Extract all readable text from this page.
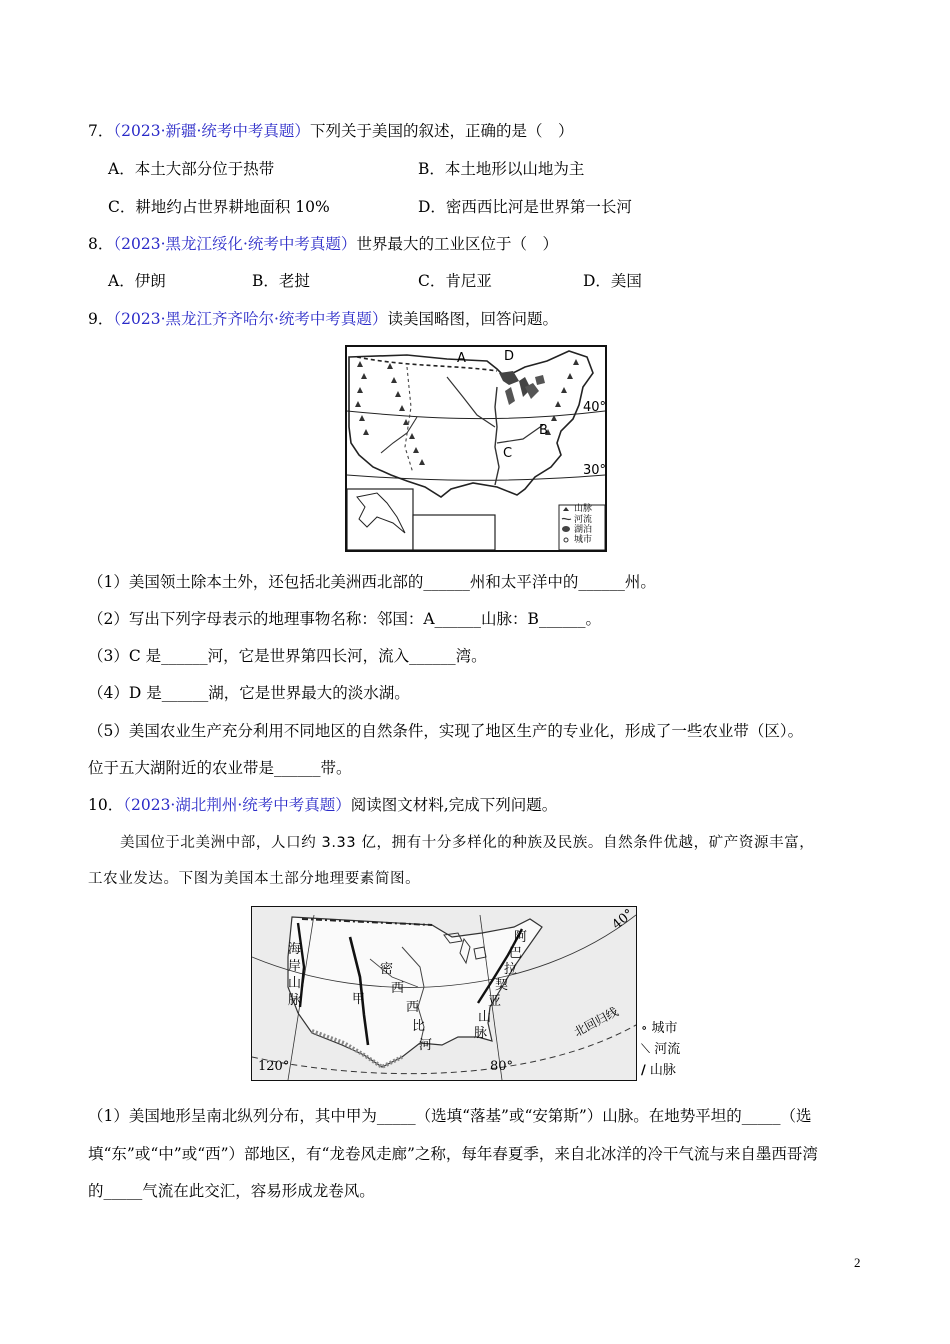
7．（2023·新疆·统考中考真题）下列关于美国的叙述，正确的是（　）
A．本土大部分位于热带	B．本土地形以山地为主
C．耕地约占世界耕地面积 10%	D．密西西比河是世界第一长河
8．（2023·黑龙江绥化·统考中考真题）世界最大的工业区位于（　）
A．伊朗	B．老挝	C．肯尼亚	D．美国
9．（2023·黑龙江齐齐哈尔·统考中考真题）读美国略图，回答问题。
A	D
B
C
40°
30°
山脉
河流
湖泊
城市
（1）美国领土除本土外，还包括北美洲西北部的______州和太平洋中的______州。
（2）写出下列字母表示的地理事物名称：邻国：A______山脉：B______。
（3）C 是______河，它是世界第四长河，流入______湾。
（4）D 是______湖，它是世界最大的淡水湖。
（5）美国农业生产充分利用不同地区的自然条件，实现了地区生产的专业化，形成了一些农业带（区）。
位于五大湖附近的农业带是______带。
10．（2023·湖北荆州·统考中考真题）阅读图文材料,完成下列问题。
美国位于北美洲中部，人口约 3.33 亿，拥有十分多样化的种族及民族。自然条件优越，矿产资源丰富，
工农业发达。下图为美国本土部分地理要素简图。
海
岸
山
脉	甲
密
西
西
比
河
阿
巴
拉
契
亚
山
脉
120°	80°
40°
北回归线 ∘ 城市
⟍ 河流
/ 山脉
（1）美国地形呈南北纵列分布，其中甲为_____（选填“落基”或“安第斯”）山脉。在地势平坦的_____（选
填“东”或“中”或“西”）部地区，有“龙卷风走廊”之称，每年春夏季，来自北冰洋的冷干气流与来自墨西哥湾
的_____气流在此交汇，容易形成龙卷风。
2
